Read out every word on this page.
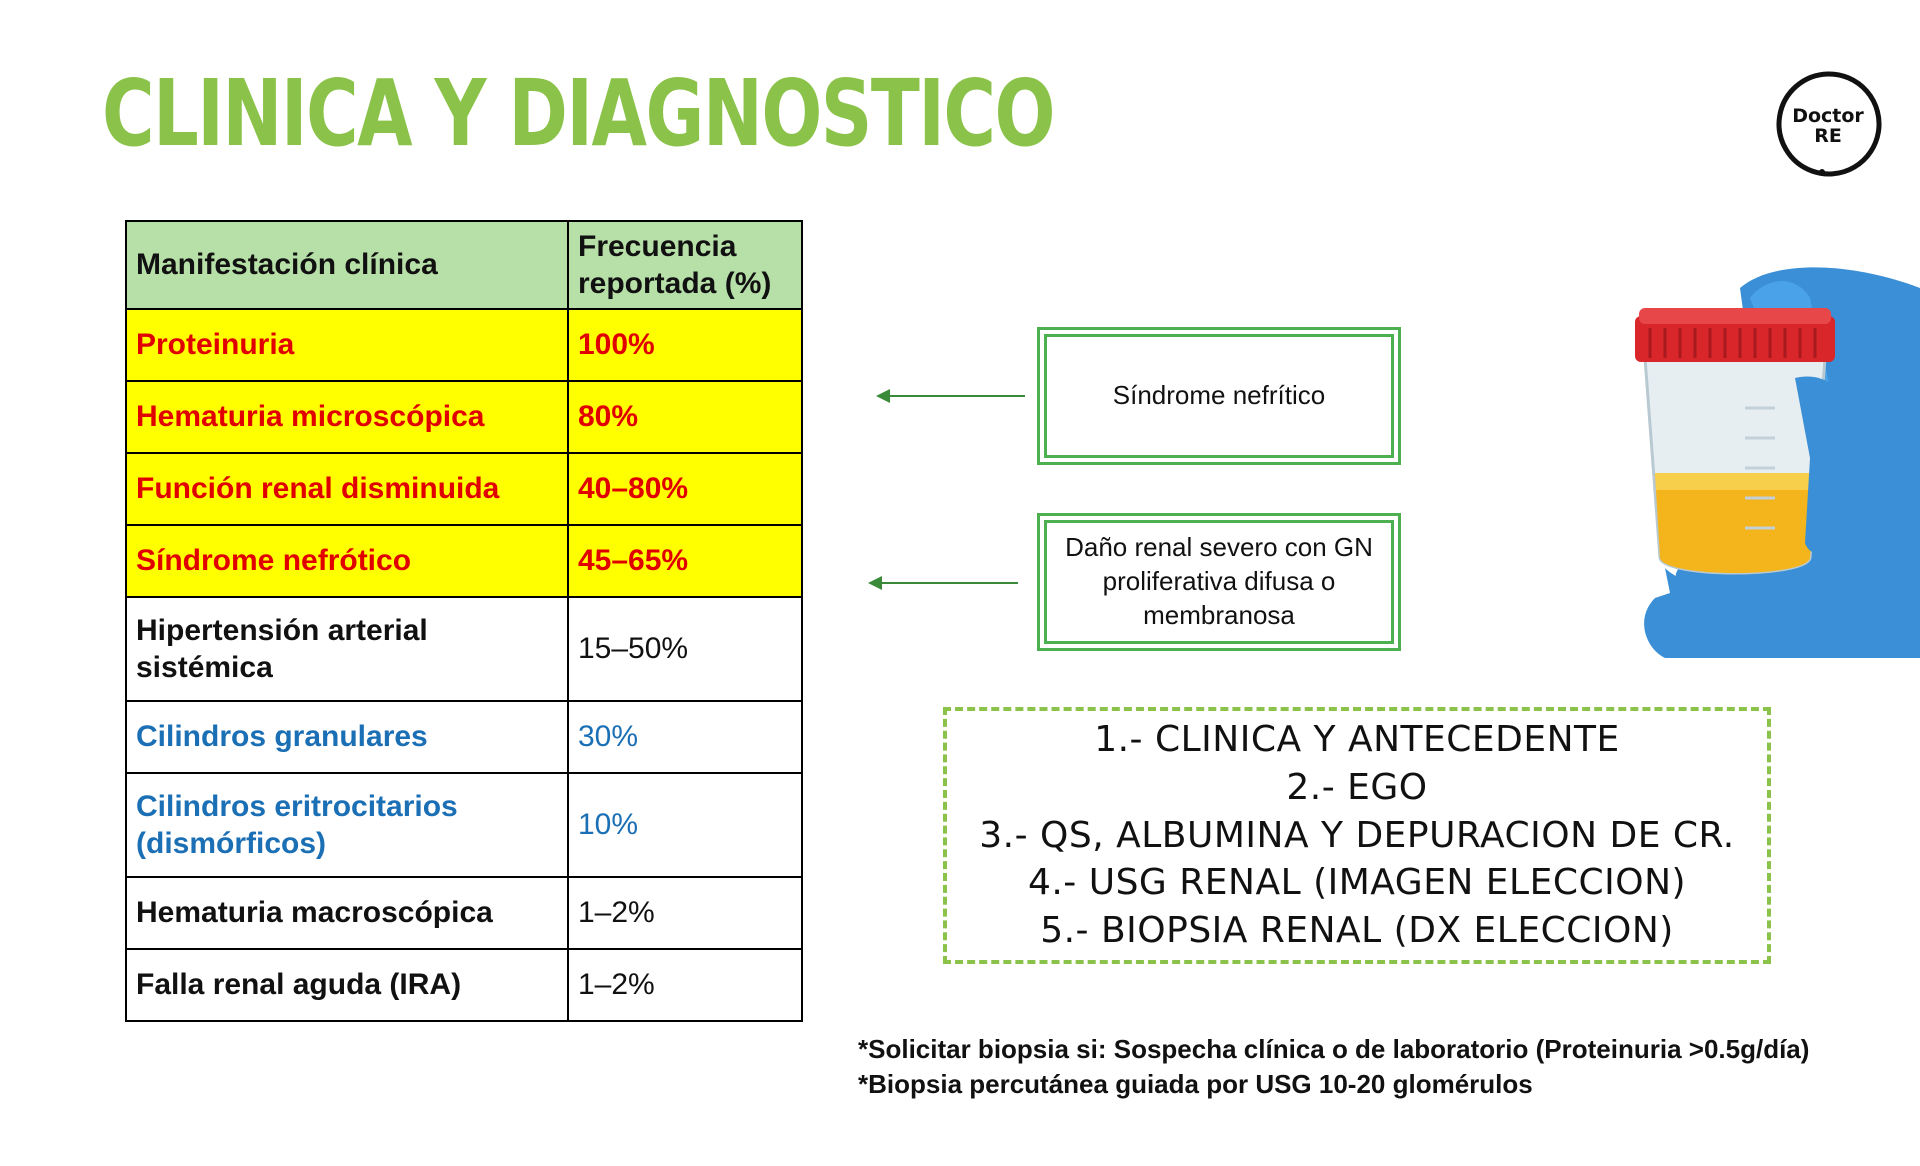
CLINICA Y DIAGNOSTICO	Doctor
RE
Manifestación clínica	Frecuencia reportada (%)
Proteinuria	100%
Hematuria microscópica	80%
Función renal disminuida	40–80%
Síndrome nefrótico	45–65%
Hipertensión arterial sistémica	15–50%
Cilindros granulares	30%
Cilindros eritrocitarios (dismórficos)	10%
Hematuria macroscópica	1–2%
Falla renal aguda (IRA)	1–2%
Síndrome nefrítico
Daño renal severo con GN proliferativa difusa o membranosa
1.- CLINICA Y ANTECEDENTE
2.- EGO
3.- QS, ALBUMINA Y DEPURACION DE CR.
4.- USG RENAL (IMAGEN ELECCION)
5.- BIOPSIA RENAL (DX ELECCION)
*Solicitar biopsia si: Sospecha clínica o de laboratorio (Proteinuria >0.5g/día)
*Biopsia percutánea guiada por USG 10-20 glomérulos
